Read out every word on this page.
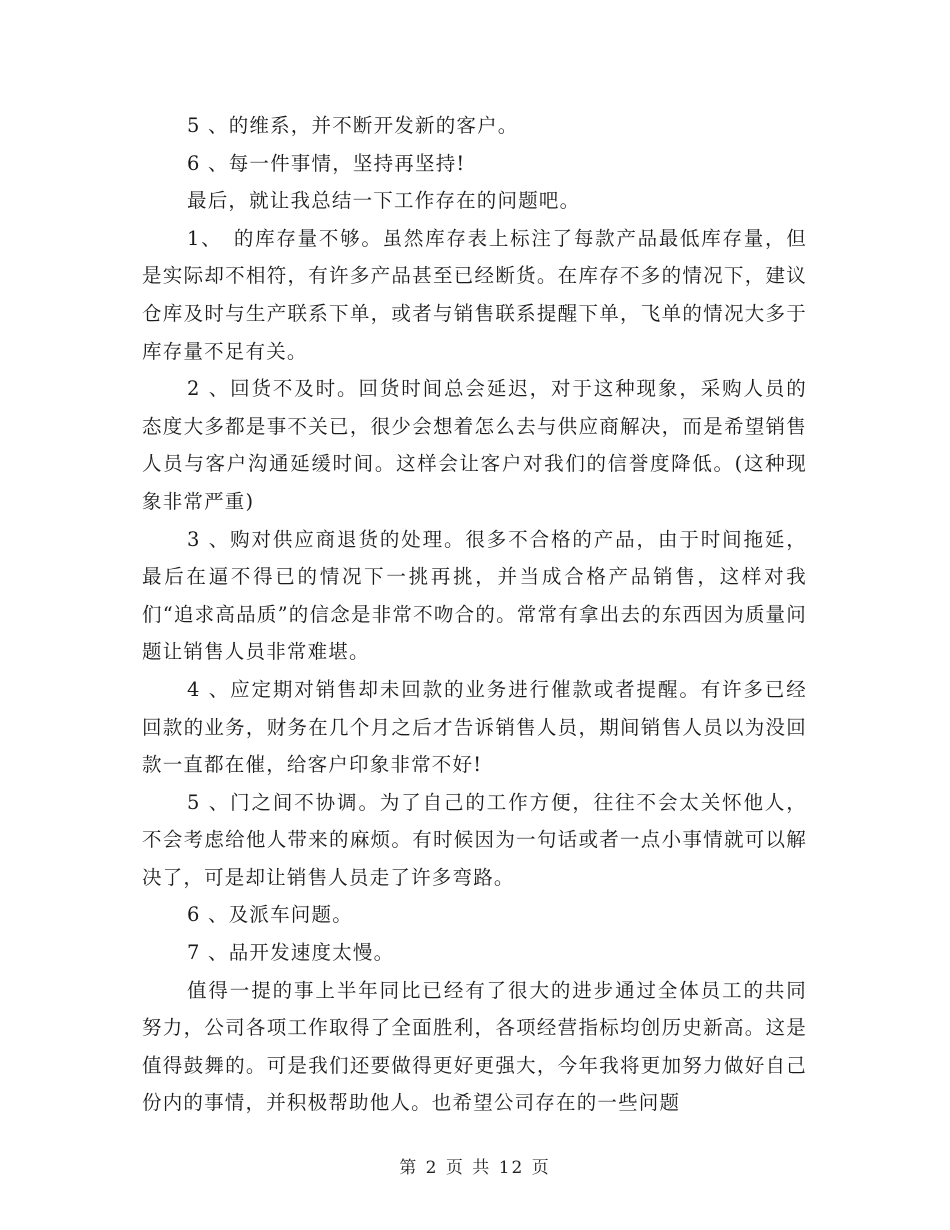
5 、的维系，并不断开发新的客户。

6 、每一件事情，坚持再坚持!

最后，就让我总结一下工作存在的问题吧。

1、　的库存量不够。虽然库存表上标注了每款产品最低库存量，但是实际却不相符，有许多产品甚至已经断货。在库存不多的情况下，建议仓库及时与生产联系下单，或者与销售联系提醒下单，飞单的情况大多于库存量不足有关。

2 、回货不及时。回货时间总会延迟，对于这种现象，采购人员的态度大多都是事不关已，很少会想着怎么去与供应商解决，而是希望销售人员与客户沟通延缓时间。这样会让客户对我们的信誉度降低。(这种现象非常严重)

3 、购对供应商退货的处理。很多不合格的产品，由于时间拖延，最后在逼不得已的情况下一挑再挑，并当成合格产品销售，这样对我们“追求高品质”的信念是非常不吻合的。常常有拿出去的东西因为质量问题让销售人员非常难堪。

4 、应定期对销售却未回款的业务进行催款或者提醒。有许多已经回款的业务，财务在几个月之后才告诉销售人员，期间销售人员以为没回款一直都在催，给客户印象非常不好!

5 、门之间不协调。为了自己的工作方便，往往不会太关怀他人，不会考虑给他人带来的麻烦。有时候因为一句话或者一点小事情就可以解决了，可是却让销售人员走了许多弯路。

6 、及派车问题。

7 、品开发速度太慢。

值得一提的事上半年同比已经有了很大的进步通过全体员工的共同努力，公司各项工作取得了全面胜利，各项经营指标均创历史新高。这是值得鼓舞的。可是我们还要做得更好更强大，今年我将更加努力做好自己份内的事情，并积极帮助他人。也希望公司存在的一些问题

第 2 页 共 12 页
